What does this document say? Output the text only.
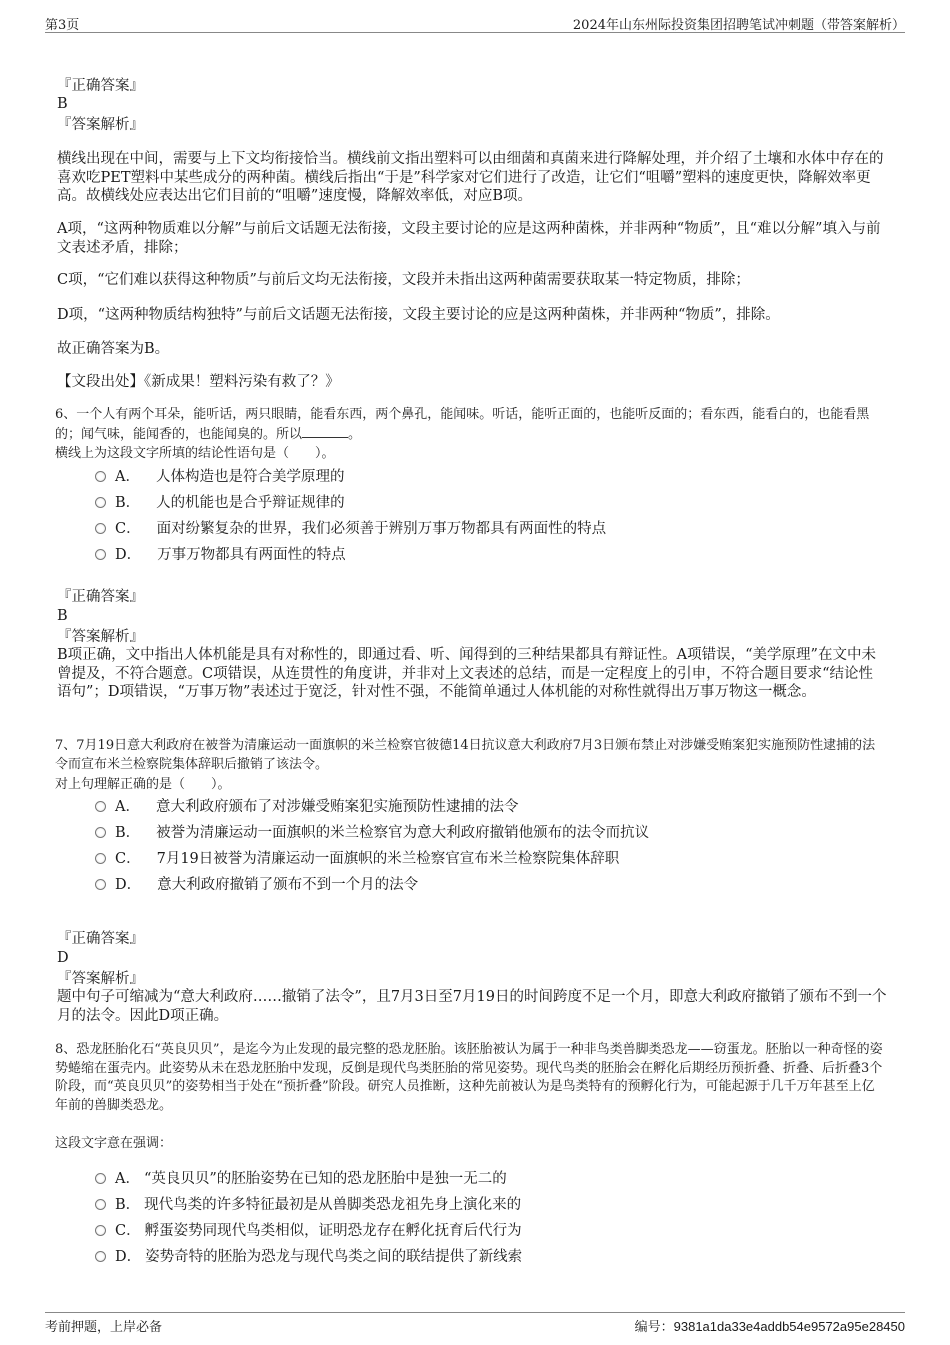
第3页	2024年山东州际投资集团招聘笔试冲刺题（带答案解析）
『正确答案』
B
『答案解析』
横线出现在中间，需要与上下文均衔接恰当。横线前文指出塑料可以由细菌和真菌来进行降解处理，并介绍了土壤和水体中存在的喜欢吃PET塑料中某些成分的两种菌。横线后指出“于是”科学家对它们进行了改造，让它们“咀嚼”塑料的速度更快，降解效率更高。故横线处应表达出它们目前的“咀嚼”速度慢，降解效率低，对应B项。
A项，“这两种物质难以分解”与前后文话题无法衔接，文段主要讨论的应是这两种菌株，并非两种“物质”，且“难以分解”填入与前文表述矛盾，排除；
C项，“它们难以获得这种物质”与前后文均无法衔接，文段并未指出这两种菌需要获取某一特定物质，排除；
D项，“这两种物质结构独特”与前后文话题无法衔接，文段主要讨论的应是这两种菌株，并非两种“物质”，排除。
故正确答案为B。
【文段出处】《新成果！塑料污染有救了？》
6、一个人有两个耳朵，能听话，两只眼睛，能看东西，两个鼻孔，能闻味。听话，能听正面的，也能听反面的；看东西，能看白的，也能看黑的；闻气味，能闻香的，也能闻臭的。所以	。
横线上为这段文字所填的结论性语句是（　　）。
A． 人体构造也是符合美学原理的
B． 人的机能也是合乎辩证规律的
C． 面对纷繁复杂的世界，我们必须善于辨别万事万物都具有两面性的特点
D． 万事万物都具有两面性的特点
『正确答案』
B
『答案解析』
B项正确，文中指出人体机能是具有对称性的，即通过看、听、闻得到的三种结果都具有辩证性。A项错误，“美学原理”在文中未曾提及，不符合题意。C项错误，从连贯性的角度讲，并非对上文表述的总结，而是一定程度上的引申，不符合题目要求“结论性语句”；D项错误，“万事万物”表述过于宽泛，针对性不强，不能简单通过人体机能的对称性就得出万事万物这一概念。
7、7月19日意大利政府在被誉为清廉运动一面旗帜的米兰检察官彼德14日抗议意大利政府7月3日颁布禁止对涉嫌受贿案犯实施预防性逮捕的法令而宣布米兰检察院集体辞职后撤销了该法令。
对上句理解正确的是（　　）。
A． 意大利政府颁布了对涉嫌受贿案犯实施预防性逮捕的法令
B． 被誉为清廉运动一面旗帜的米兰检察官为意大利政府撤销他颁布的法令而抗议
C． 7月19日被誉为清廉运动一面旗帜的米兰检察官宣布米兰检察院集体辞职
D． 意大利政府撤销了颁布不到一个月的法令
『正确答案』
D
『答案解析』
题中句子可缩减为“意大利政府……撤销了法令”，且7月3日至7月19日的时间跨度不足一个月，即意大利政府撤销了颁布不到一个月的法令。因此D项正确。
8、恐龙胚胎化石“英良贝贝”，是迄今为止发现的最完整的恐龙胚胎。该胚胎被认为属于一种非鸟类兽脚类恐龙——窃蛋龙。胚胎以一种奇怪的姿势蜷缩在蛋壳内。此姿势从未在恐龙胚胎中发现，反倒是现代鸟类胚胎的常见姿势。现代鸟类的胚胎会在孵化后期经历预折叠、折叠、后折叠3个阶段，而“英良贝贝”的姿势相当于处在“预折叠”阶段。研究人员推断，这种先前被认为是鸟类特有的预孵化行为，可能起源于几千万年甚至上亿年前的兽脚类恐龙。
这段文字意在强调：
A． “英良贝贝”的胚胎姿势在已知的恐龙胚胎中是独一无二的
B． 现代鸟类的许多特征最初是从兽脚类恐龙祖先身上演化来的
C． 孵蛋姿势同现代鸟类相似，证明恐龙存在孵化抚育后代行为
D． 姿势奇特的胚胎为恐龙与现代鸟类之间的联结提供了新线索
考前押题，上岸必备	编号：9381a1da33e4addb54e9572a95e28450
